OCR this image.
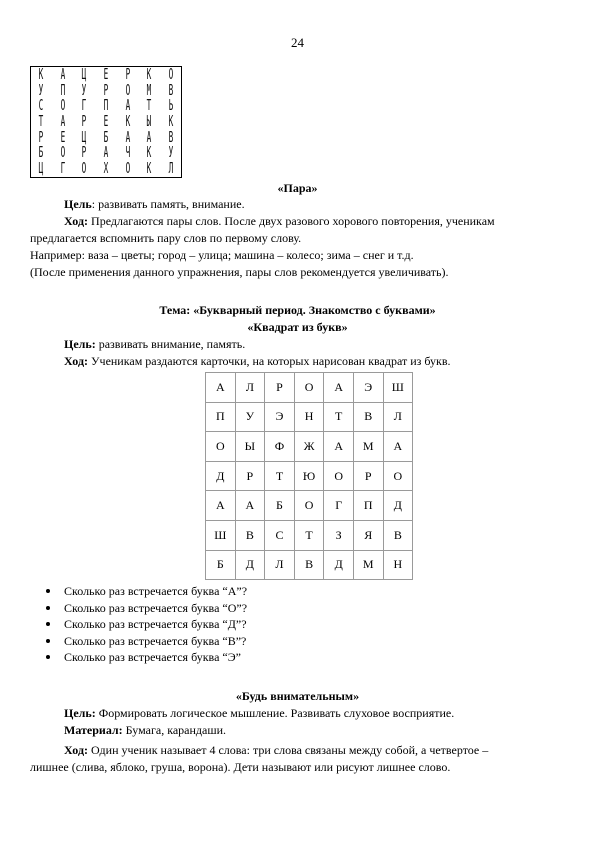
24
К А Ц Е Р К О
У П У Р О М В
С О Г П А Т Ь
Т А Р Е К Ы К
Р Е Ц Б А А В
Б О Р А Ч К У
Ц Г О Х О К Л
«Пара»
Цель: развивать память, внимание.
Ход: Предлагаются пары слов. После двух разового хорового повторения, ученикам
предлагается вспомнить пару слов по первому слову.
Например: ваза – цветы; город – улица; машина – колесо; зима – снег и т.д.
(После применения данного упражнения, пары слов рекомендуется увеличивать).
Тема: «Букварный период. Знакомство с буквами»
«Квадрат из букв»
Цель: развивать внимание, память.
Ход: Ученикам раздаются карточки, на которых нарисован квадрат из букв.
А	Л	Р	О	А	Э	Ш
П	У	Э	Н	Т	В	Л
О	Ы	Ф	Ж	А	М	А
Д	Р	Т	Ю	О	Р	О
А	А	Б	О	Г	П	Д
Ш	В	С	Т	З	Я	В
Б	Д	Л	В	Д	М	Н
Сколько раз встречается буква “А”?
Сколько раз встречается буква “О”?
Сколько раз встречается буква “Д”?
Сколько раз встречается буква “В”?
Сколько раз встречается буква “Э”
«Будь внимательным»
Цель: Формировать логическое мышление. Развивать слуховое восприятие.
Материал: Бумага, карандаши.
Ход: Один ученик называет 4 слова: три слова связаны между собой, а четвертое –
лишнее (слива, яблоко, груша, ворона). Дети называют или рисуют лишнее слово.
